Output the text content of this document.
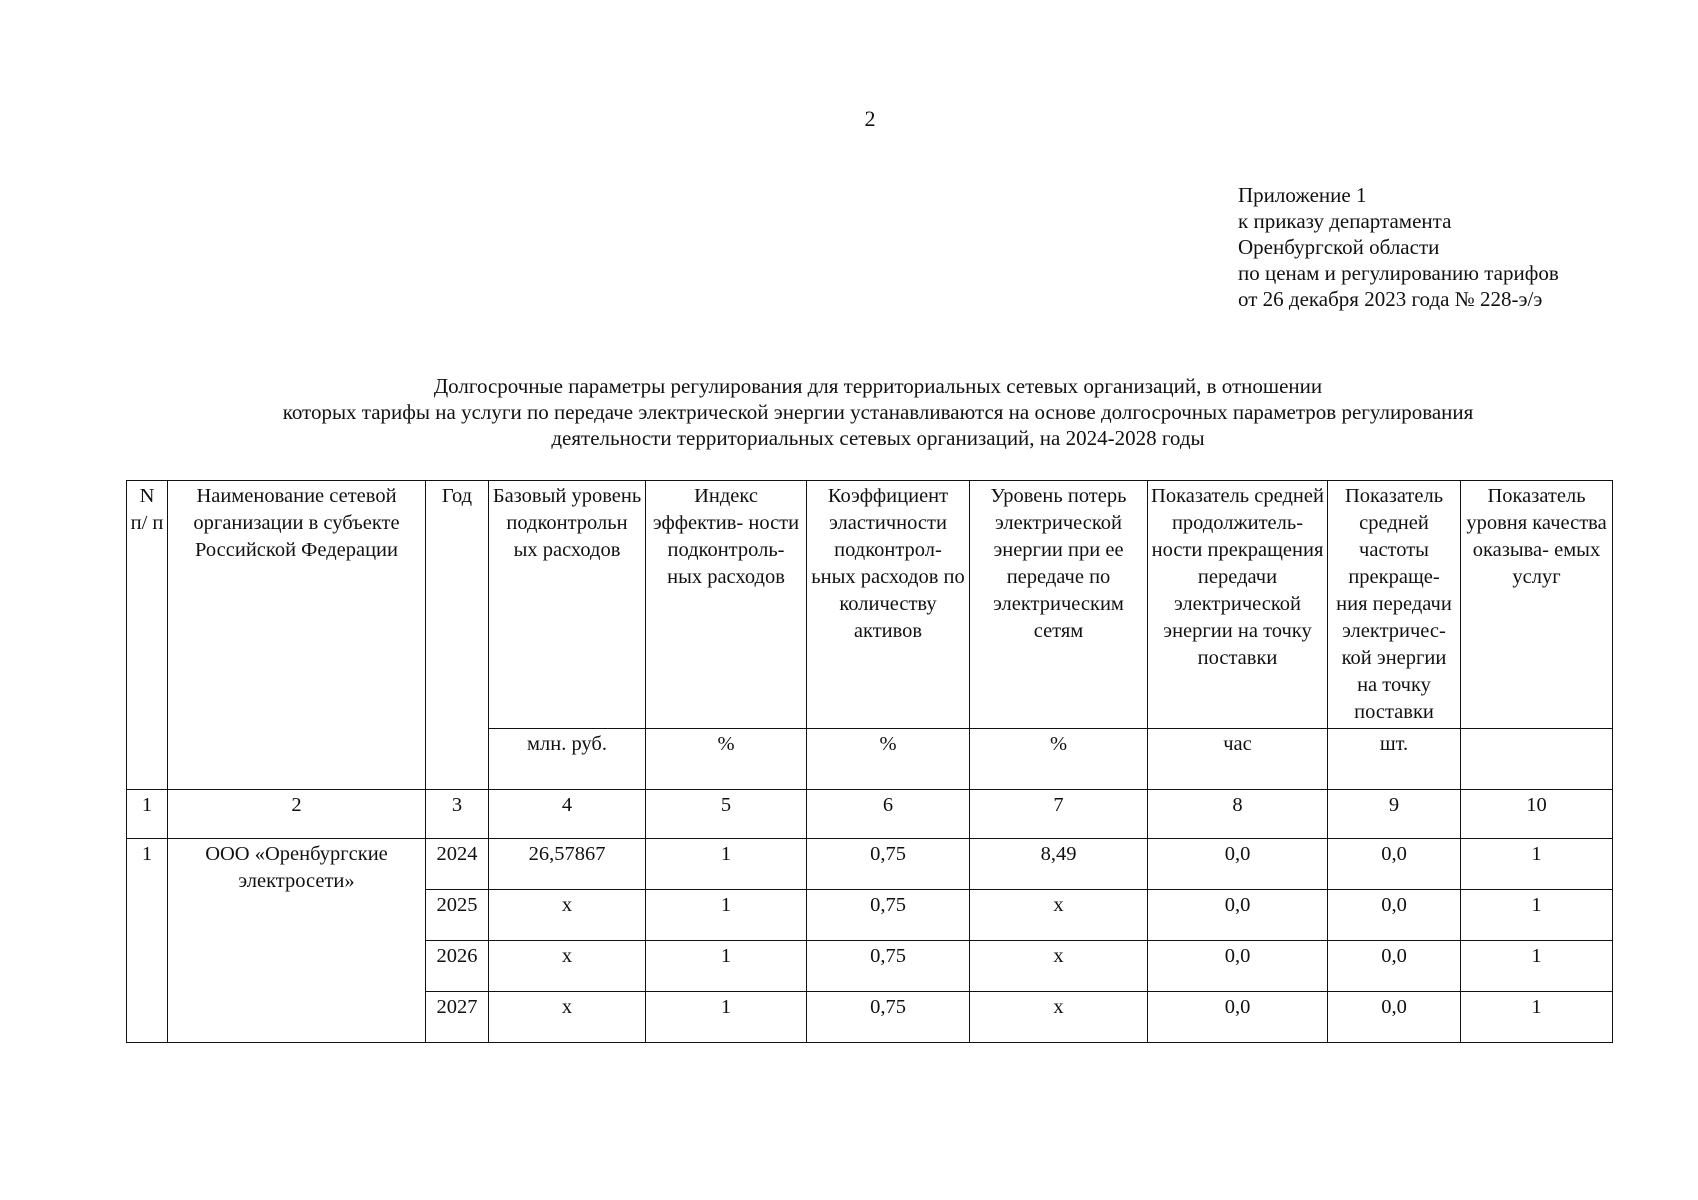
2
Приложение 1
к приказу департамента
Оренбургской области
по ценам и регулированию тарифов
от 26 декабря 2023 года № 228-э/э
Долгосрочные параметры регулирования для территориальных сетевых организаций, в отношении
которых тарифы на услуги по передаче электрической энергии устанавливаются на основе долгосрочных параметров регулирования
деятельности территориальных сетевых организаций, на 2024-2028 годы
N п/ п	Наименование сетевой организации в субъекте Российской Федерации	Год	Базовый уровень подконтрольн ых расходов	Индекс эффектив- ности подконтроль- ных расходов	Коэффициент эластичности подконтрол- ьных расходов по количеству активов	Уровень потерь электрической энергии при ее передаче по электрическим сетям	Показатель средней продолжитель- ности прекращения передачи электрической энергии на точку поставки	Показатель средней частоты прекраще- ния передачи электричес- кой энергии на точку поставки	Показатель уровня качества оказыва- емых услуг
			млн. руб.	%	%	%	час	шт.	
1	2	3	4	5	6	7	8	9	10
1	ООО «Оренбургские электросети»	2024	26,57867	1	0,75	8,49	0,0	0,0	1
		2025	х	1	0,75	х	0,0	0,0	1
		2026	х	1	0,75	х	0,0	0,0	1
		2027	х	1	0,75	х	0,0	0,0	1
